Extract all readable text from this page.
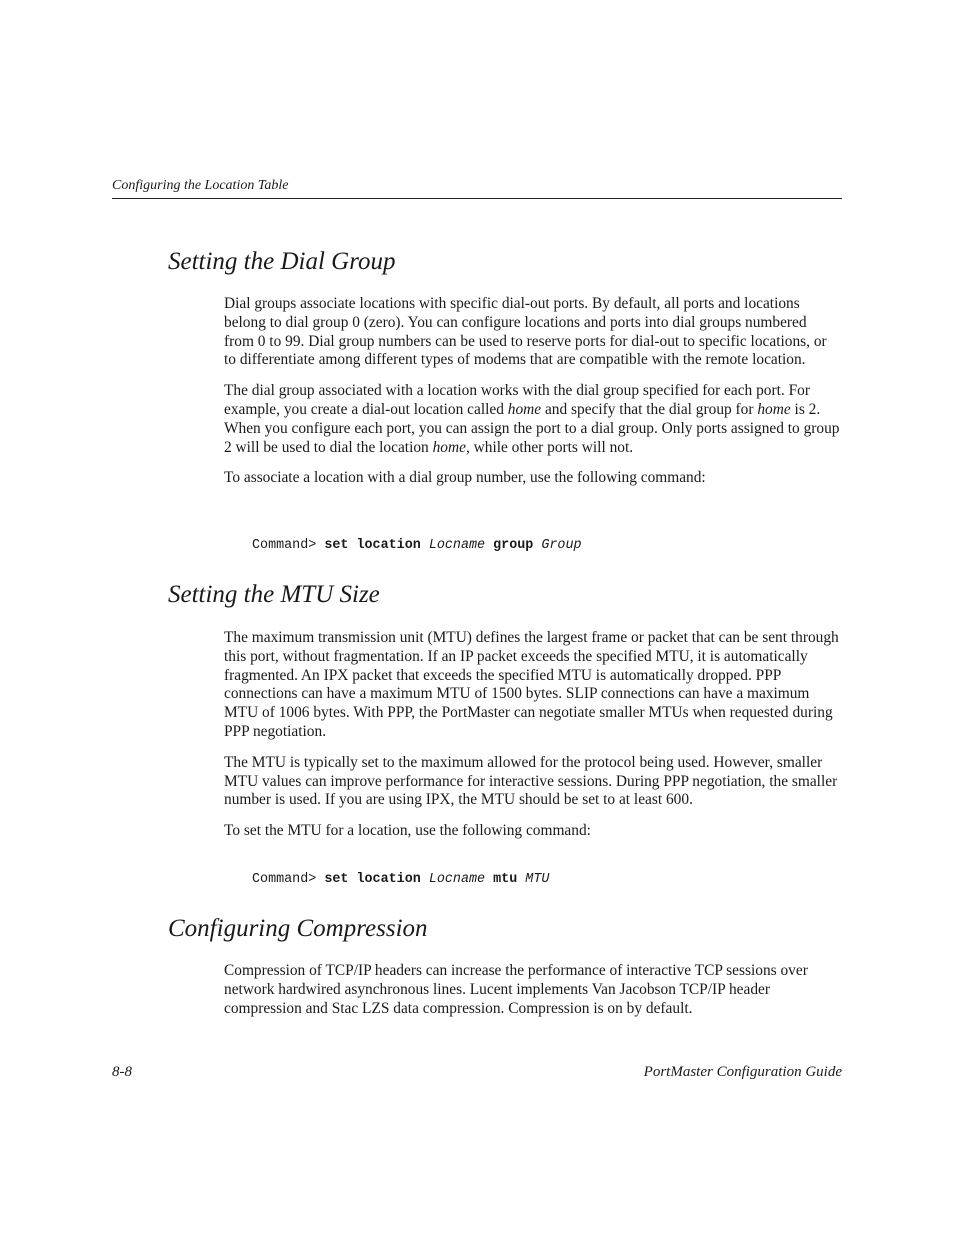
Configuring the Location Table
Setting the Dial Group

Dial groups associate locations with specific dial-out ports. By default, all ports and locations belong to dial group 0 (zero). You can configure locations and ports into dial groups numbered from 0 to 99. Dial group numbers can be used to reserve ports for dial-out to specific locations, or to differentiate among different types of modems that are compatible with the remote location.

The dial group associated with a location works with the dial group specified for each port. For example, you create a dial-out location called home and specify that the dial group for home is 2. When you configure each port, you can assign the port to a dial group. Only ports assigned to group 2 will be used to dial the location home, while other ports will not.

To associate a location with a dial group number, use the following command:

Command> set location Locname group Group
Setting the MTU Size

The maximum transmission unit (MTU) defines the largest frame or packet that can be sent through this port, without fragmentation. If an IP packet exceeds the specified MTU, it is automatically fragmented. An IPX packet that exceeds the specified MTU is automatically dropped. PPP connections can have a maximum MTU of 1500 bytes. SLIP connections can have a maximum MTU of 1006 bytes. With PPP, the PortMaster can negotiate smaller MTUs when requested during PPP negotiation.

The MTU is typically set to the maximum allowed for the protocol being used. However, smaller MTU values can improve performance for interactive sessions. During PPP negotiation, the smaller number is used. If you are using IPX, the MTU should be set to at least 600.

To set the MTU for a location, use the following command:

Command> set location Locname mtu MTU
Configuring Compression

Compression of TCP/IP headers can increase the performance of interactive TCP sessions over network hardwired asynchronous lines. Lucent implements Van Jacobson TCP/IP header compression and Stac LZS data compression. Compression is on by default.

8-8	PortMaster Configuration Guide
